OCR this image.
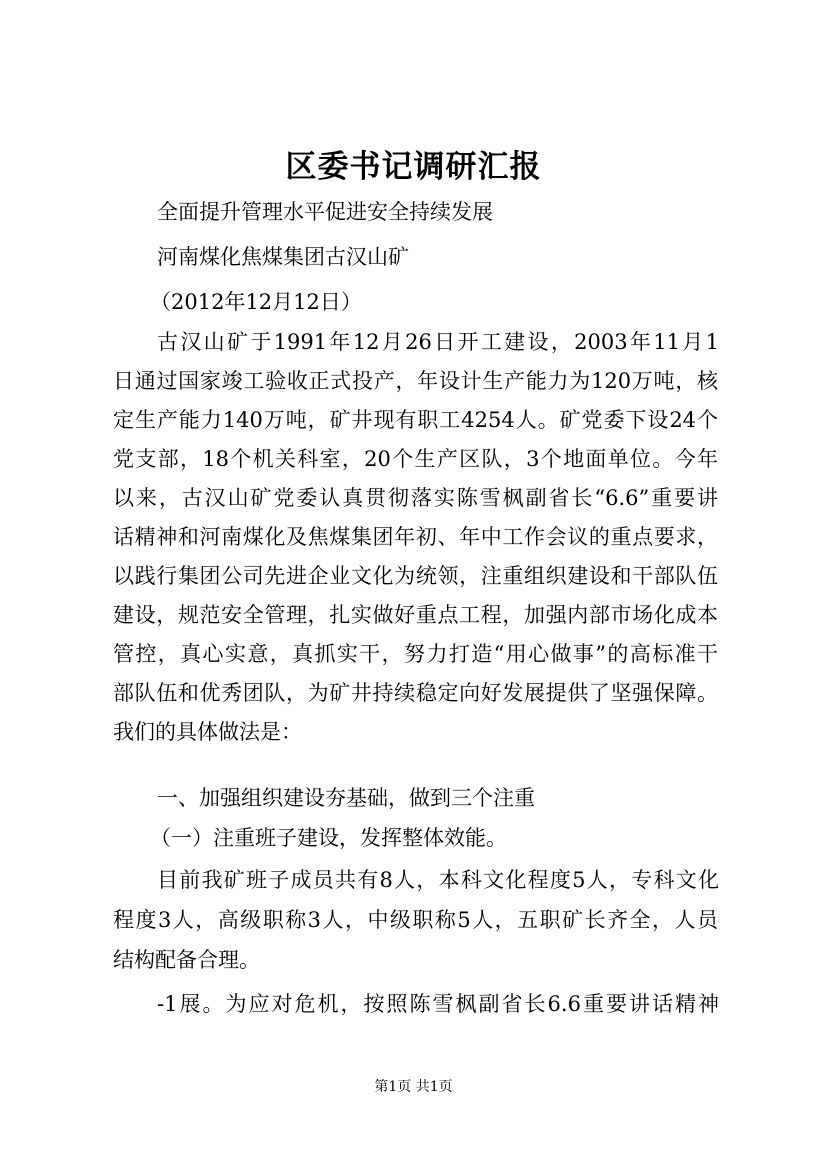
区委书记调研汇报

全面提升管理水平促进安全持续发展

河南煤化焦煤集团古汉山矿

（2012年12月12日）

古汉山矿于1991年12月26日开工建设，2003年11月1

日通过国家竣工验收正式投产，年设计生产能力为120万吨，核

定生产能力140万吨，矿井现有职工4254人。矿党委下设24个

党支部，18个机关科室，20个生产区队，3个地面单位。今年

以来，古汉山矿党委认真贯彻落实陈雪枫副省长“6.6”重要讲

话精神和河南煤化及焦煤集团年初、年中工作会议的重点要求，

以践行集团公司先进企业文化为统领，注重组织建设和干部队伍

建设，规范安全管理，扎实做好重点工程，加强内部市场化成本

管控，真心实意，真抓实干，努力打造“用心做事”的高标准干

部队伍和优秀团队，为矿井持续稳定向好发展提供了坚强保障。

我们的具体做法是：

一、加强组织建设夯基础，做到三个注重

（一）注重班子建设，发挥整体效能。

目前我矿班子成员共有8人，本科文化程度5人，专科文化

程度3人，高级职称3人，中级职称5人，五职矿长齐全，人员

结构配备合理。

-1展。为应对危机，按照陈雪枫副省长6.6重要讲话精神

第1页 共1页
